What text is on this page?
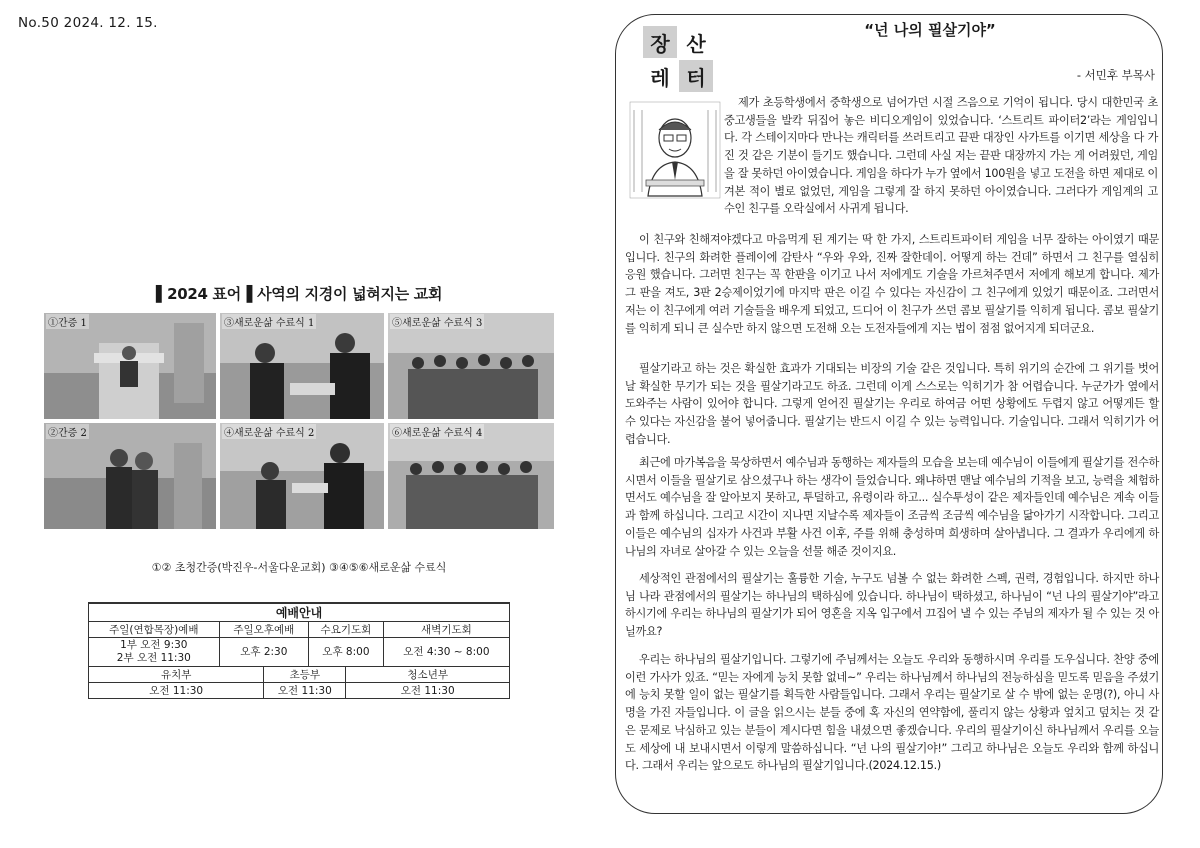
No.50 2024. 12. 15.
▌2024 표어▐ 사역의 지경이 넓혀지는 교회
①간증 1	③새로운삶 수료식 1	⑤새로운삶 수료식 3
②간증 2	④새로운삶 수료식 2	⑥새로운삶 수료식 4
①② 초청간증(박진우-서울다운교회) ③④⑤⑥새로운삶 수료식
예배안내					
주일(연합목장)예배	주일오후예배		수요기도회		새벽기도회

1부 오전 9:30
2부 오전 11:30	오후 2:30		오후 8:00		오전 4:30 ~ 8:00
유치부		초등부		청소년부	
오전 11:30		오전 11:30		오전 11:30	
장 산
레 터
“넌 나의 필살기야”
- 서민후 부목사

제가 초등학생에서 중학생으로 넘어가던 시절 즈음으로 기억이 됩니다. 당시 대한민국 초중고생들을 발칵 뒤집어 놓은 비디오게임이 있었습니다. ‘스트리트 파이터2’라는 게임입니다. 각 스테이지마다 만나는 캐릭터를 쓰러트리고 끝판 대장인 사가트를 이기면 세상을 다 가진 것 같은 기분이 들기도 했습니다. 그런데 사실 저는 끝판 대장까지 가는 게 어려웠던, 게임을 잘 못하던 아이였습니다. 게임을 하다가 누가 옆에서 100원을 넣고 도전을 하면 제대로 이겨본 적이 별로 없었던, 게임을 그렇게 잘 하지 못하던 아이였습니다. 그러다가 게임계의 고수인 친구를 오락실에서 사귀게 됩니다.

이 친구와 친해져야겠다고 마음먹게 된 계기는 딱 한 가지, 스트리트파이터 게임을 너무 잘하는 아이였기 때문입니다. 친구의 화려한 플레이에 감탄사 “우와 우와, 진짜 잘한데이. 어떻게 하는 건데” 하면서 그 친구를 열심히 응원 했습니다. 그러면 친구는 꼭 한판을 이기고 나서 저에게도 기술을 가르쳐주면서 저에게 해보게 합니다. 제가 그 판을 져도, 3판 2승제이었기에 마지막 판은 이길 수 있다는 자신감이 그 친구에게 있었기 때문이죠. 그러면서 저는 이 친구에게 여러 기술들을 배우게 되었고, 드디어 이 친구가 쓰던 콤보 필살기를 익히게 됩니다. 콤보 필살기를 익히게 되니 큰 실수만 하지 않으면 도전해 오는 도전자들에게 지는 법이 점점 없어지게 되더군요.

필살기라고 하는 것은 확실한 효과가 기대되는 비장의 기술 같은 것입니다. 특히 위기의 순간에 그 위기를 벗어날 확실한 무기가 되는 것을 필살기라고도 하죠. 그런데 이게 스스로는 익히기가 참 어렵습니다. 누군가가 옆에서 도와주는 사람이 있어야 합니다. 그렇게 얻어진 필살기는 우리로 하여금 어떤 상황에도 두렵지 않고 어떻게든 할 수 있다는 자신감을 불어 넣어줍니다. 필살기는 반드시 이길 수 있는 능력입니다. 기술입니다. 그래서 익히기가 어렵습니다.

최근에 마가복음을 묵상하면서 예수님과 동행하는 제자들의 모습을 보는데 예수님이 이들에게 필살기를 전수하시면서 이들을 필살기로 삼으셨구나 하는 생각이 들었습니다. 왜냐하면 맨날 예수님의 기적을 보고, 능력을 체험하면서도 예수님을 잘 알아보지 못하고, 투덜하고, 유령이라 하고... 실수투성이 같은 제자들인데 예수님은 계속 이들과 함께 하십니다. 그리고 시간이 지나면 지날수록 제자들이 조금씩 조금씩 예수님을 닮아가기 시작합니다. 그리고 이들은 예수님의 십자가 사건과 부활 사건 이후, 주를 위해 충성하며 희생하며 살아냅니다. 그 결과가 우리에게 하나님의 자녀로 살아갈 수 있는 오늘을 선물 해준 것이지요.

세상적인 관점에서의 필살기는 훌륭한 기술, 누구도 넘볼 수 없는 화려한 스펙, 권력, 경험입니다. 하지만 하나님 나라 관점에서의 필살기는 하나님의 택하심에 있습니다. 하나님이 택하셨고, 하나님이 “넌 나의 필살기야”라고 하시기에 우리는 하나님의 필살기가 되어 영혼을 지옥 입구에서 끄집어 낼 수 있는 주님의 제자가 될 수 있는 것 아닐까요?

우리는 하나님의 필살기입니다. 그렇기에 주님께서는 오늘도 우리와 동행하시며 우리를 도우십니다. 찬양 중에 이런 가사가 있죠. “믿는 자에게 능치 못함 없네~” 우리는 하나님께서 하나님의 전능하심을 믿도록 믿음을 주셨기에 능치 못할 일이 없는 필살기를 획득한 사람들입니다. 그래서 우리는 필살기로 살 수 밖에 없는 운명(?), 아니 사명을 가진 자들입니다. 이 글을 읽으시는 분들 중에 혹 자신의 연약함에, 풀리지 않는 상황과 엎치고 덮치는 것 같은 문제로 낙심하고 있는 분들이 계시다면 힘을 내셨으면 좋겠습니다. 우리의 필살기이신 하나님께서 우리를 오늘도 세상에 내 보내시면서 이렇게 말씀하십니다. “넌 나의 필살기야!” 그리고 하나님은 오늘도 우리와 함께 하십니다. 그래서 우리는 앞으로도 하나님의 필살기입니다.(2024.12.15.)
